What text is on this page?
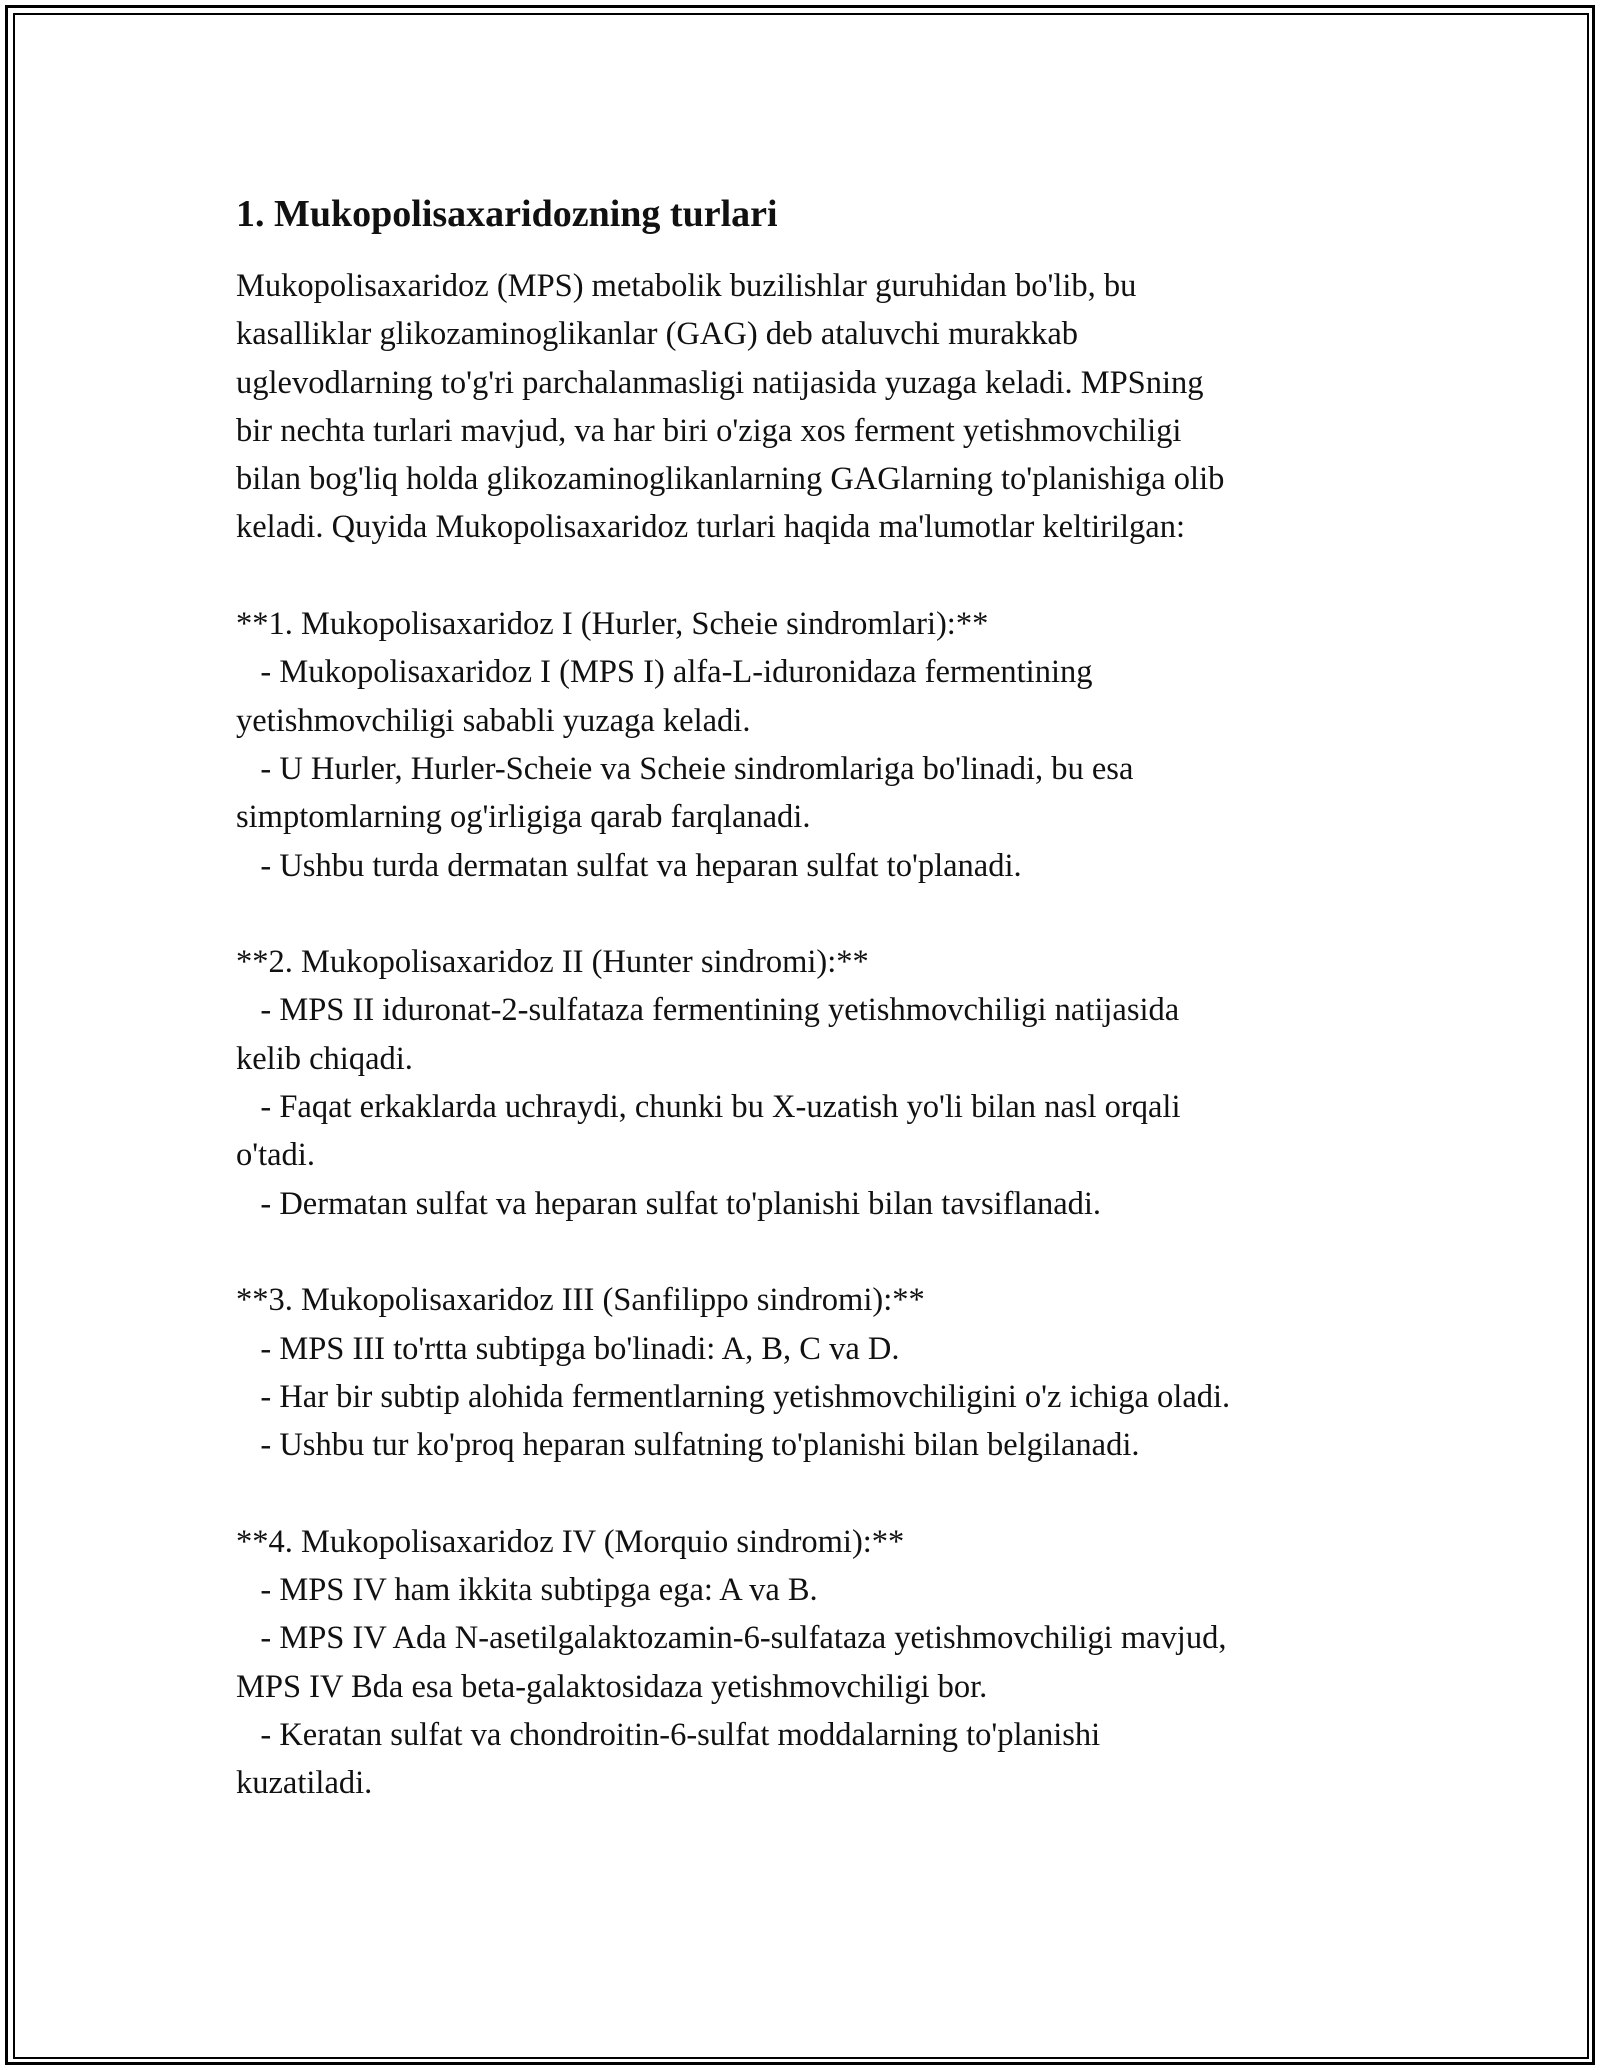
1. Mukopolisaxaridozning turlari
Mukopolisaxaridoz (MPS) metabolik buzilishlar guruhidan bo'lib, bu
kasalliklar glikozaminoglikanlar (GAG) deb ataluvchi murakkab
uglevodlarning to'g'ri parchalanmasligi natijasida yuzaga keladi. MPSning
bir nechta turlari mavjud, va har biri o'ziga xos ferment yetishmovchiligi
bilan bog'liq holda glikozaminoglikanlarning GAGlarning to'planishiga olib
keladi. Quyida Mukopolisaxaridoz turlari haqida ma'lumotlar keltirilgan:
**1. Mukopolisaxaridoz I (Hurler, Scheie sindromlari):**
- Mukopolisaxaridoz I (MPS I) alfa-L-iduronidaza fermentining
yetishmovchiligi sababli yuzaga keladi.
- U Hurler, Hurler-Scheie va Scheie sindromlariga bo'linadi, bu esa
simptomlarning og'irligiga qarab farqlanadi.
- Ushbu turda dermatan sulfat va heparan sulfat to'planadi.
**2. Mukopolisaxaridoz II (Hunter sindromi):**
- MPS II iduronat-2-sulfataza fermentining yetishmovchiligi natijasida
kelib chiqadi.
- Faqat erkaklarda uchraydi, chunki bu X-uzatish yo'li bilan nasl orqali
o'tadi.
- Dermatan sulfat va heparan sulfat to'planishi bilan tavsiflanadi.
**3. Mukopolisaxaridoz III (Sanfilippo sindromi):**
- MPS III to'rtta subtipga bo'linadi: A, B, C va D.
- Har bir subtip alohida fermentlarning yetishmovchiligini o'z ichiga oladi.
- Ushbu tur ko'proq heparan sulfatning to'planishi bilan belgilanadi.
**4. Mukopolisaxaridoz IV (Morquio sindromi):**
- MPS IV ham ikkita subtipga ega: A va B.
- MPS IV Ada N-asetilgalaktozamin-6-sulfataza yetishmovchiligi mavjud,
MPS IV Bda esa beta-galaktosidaza yetishmovchiligi bor.
- Keratan sulfat va chondroitin-6-sulfat moddalarning to'planishi
kuzatiladi.
